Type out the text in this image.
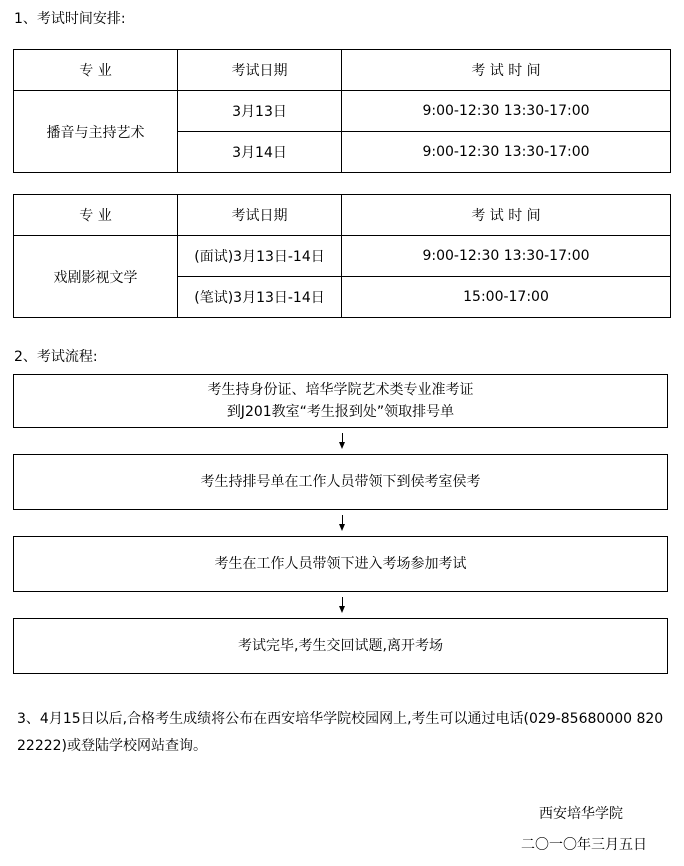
1、考试时间安排:
专 业	考试日期	考 试 时 间
播音与主持艺术	3月13日	9:00-12:30 13:30-17:00
	3月14日	9:00-12:30 13:30-17:00
专 业	考试日期	考 试 时 间
戏剧影视文学	(面试)3月13日-14日	9:00-12:30 13:30-17:00
	(笔试)3月13日-14日	15:00-17:00
2、考试流程:
考生持身份证、培华学院艺术类专业准考证
到J201教室“考生报到处”领取排号单
考生持排号单在工作人员带领下到侯考室侯考
考生在工作人员带领下进入考场参加考试
考试完毕,考生交回试题,离开考场
3、4月15日以后,合格考生成绩将公布在西安培华学院校园网上,考生可以通过电话(029-85680000 82022222)或登陆学校网站查询。
西安培华学院
二〇一〇年三月五日
